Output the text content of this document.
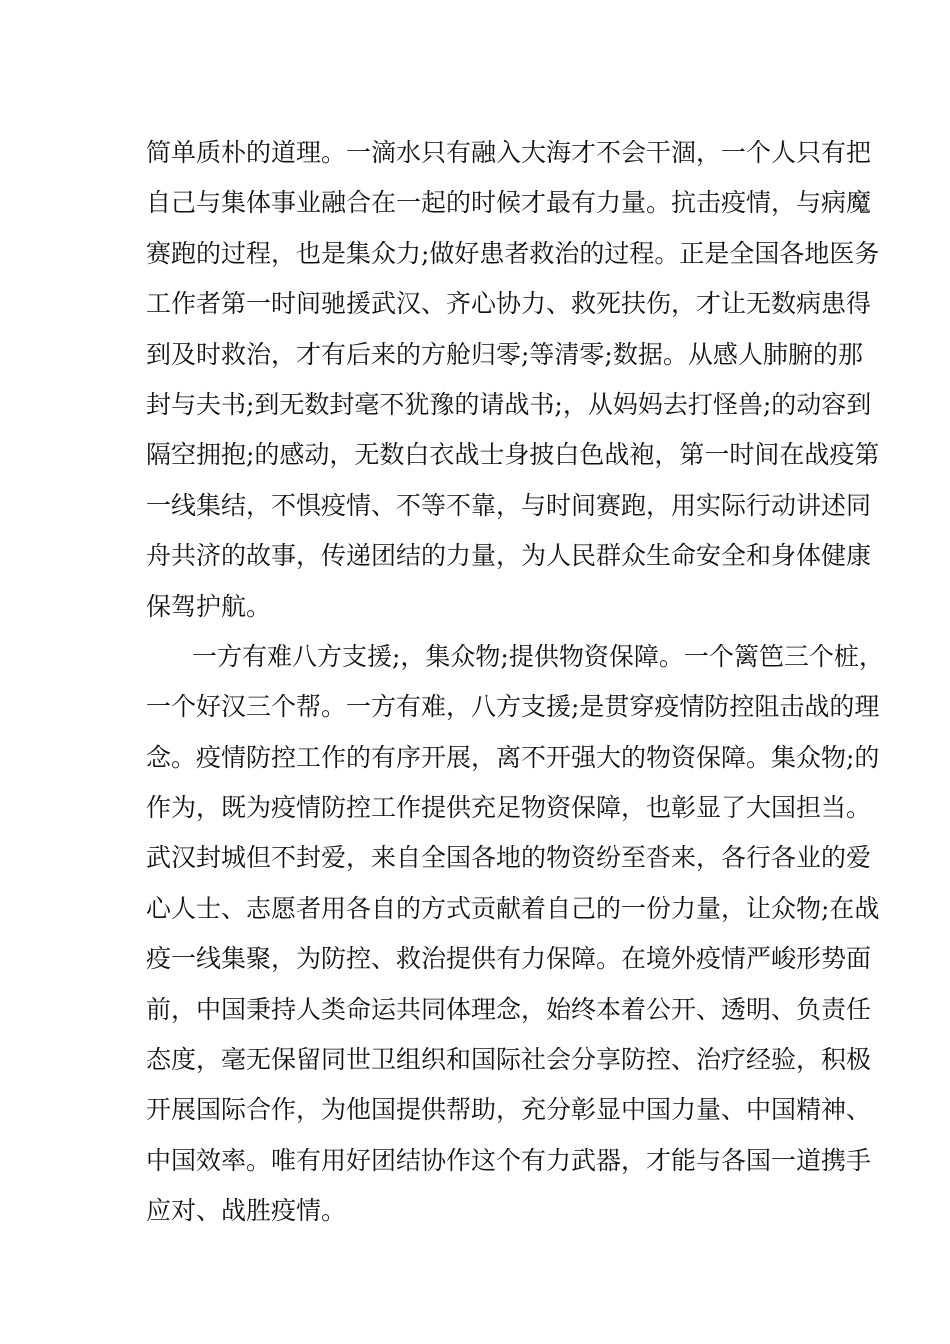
简单质朴的道理。一滴水只有融入大海才不会干涸，一个人只有把
自己与集体事业融合在一起的时候才最有力量。抗击疫情，与病魔
赛跑的过程，也是集众力;做好患者救治的过程。正是全国各地医务
工作者第一时间驰援武汉、齐心协力、救死扶伤，才让无数病患得
到及时救治，才有后来的方舱归零;等清零;数据。从感人肺腑的那
封与夫书;到无数封毫不犹豫的请战书;，从妈妈去打怪兽;的动容到
隔空拥抱;的感动，无数白衣战士身披白色战袍，第一时间在战疫第
一线集结，不惧疫情、不等不靠，与时间赛跑，用实际行动讲述同
舟共济的故事，传递团结的力量，为人民群众生命安全和身体健康
保驾护航。
一方有难八方支援;，集众物;提供物资保障。一个篱笆三个桩，
一个好汉三个帮。一方有难，八方支援;是贯穿疫情防控阻击战的理
念。疫情防控工作的有序开展，离不开强大的物资保障。集众物;的
作为，既为疫情防控工作提供充足物资保障，也彰显了大国担当。
武汉封城但不封爱，来自全国各地的物资纷至沓来，各行各业的爱
心人士、志愿者用各自的方式贡献着自己的一份力量，让众物;在战
疫一线集聚，为防控、救治提供有力保障。在境外疫情严峻形势面
前，中国秉持人类命运共同体理念，始终本着公开、透明、负责任
态度，毫无保留同世卫组织和国际社会分享防控、治疗经验，积极
开展国际合作，为他国提供帮助，充分彰显中国力量、中国精神、
中国效率。唯有用好团结协作这个有力武器，才能与各国一道携手
应对、战胜疫情。
